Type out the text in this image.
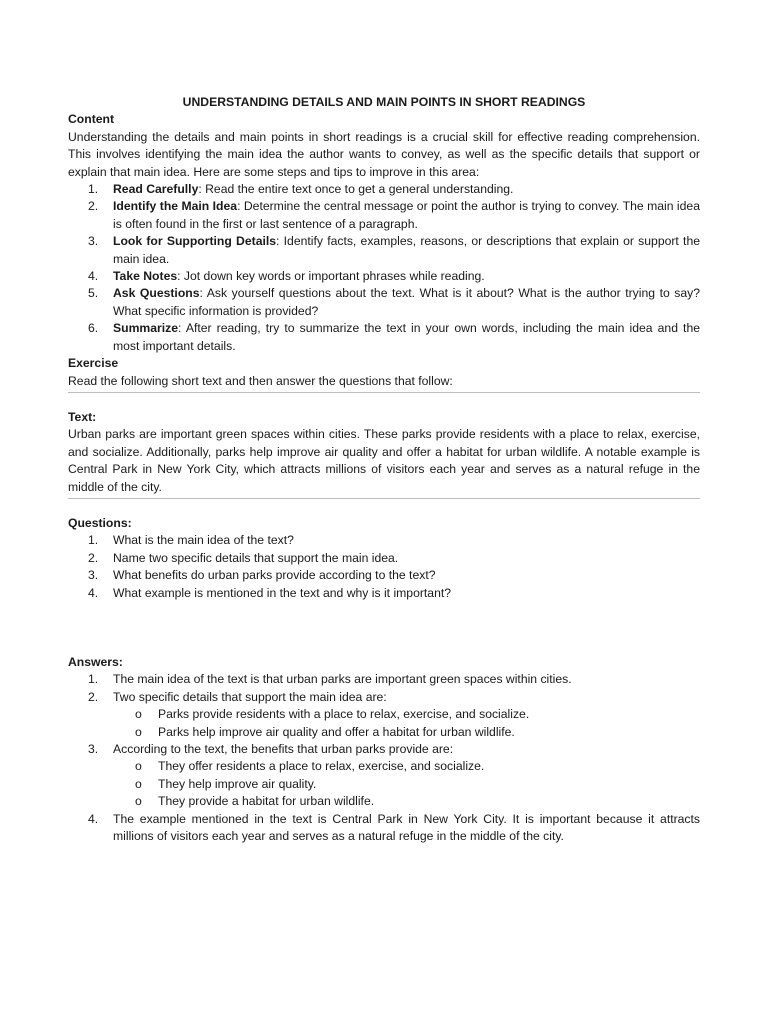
UNDERSTANDING DETAILS AND MAIN POINTS IN SHORT READINGS

Content

Understanding the details and main points in short readings is a crucial skill for effective reading comprehension. This involves identifying the main idea the author wants to convey, as well as the specific details that support or explain that main idea. Here are some steps and tips to improve in this area:

1. Read Carefully: Read the entire text once to get a general understanding.
2. Identify the Main Idea: Determine the central message or point the author is trying to convey. The main idea is often found in the first or last sentence of a paragraph.
3. Look for Supporting Details: Identify facts, examples, reasons, or descriptions that explain or support the main idea.
4. Take Notes: Jot down key words or important phrases while reading.
5. Ask Questions: Ask yourself questions about the text. What is it about? What is the author trying to say? What specific information is provided?
6. Summarize: After reading, try to summarize the text in your own words, including the main idea and the most important details.

Exercise

Read the following short text and then answer the questions that follow:

Text:

Urban parks are important green spaces within cities. These parks provide residents with a place to relax, exercise, and socialize. Additionally, parks help improve air quality and offer a habitat for urban wildlife. A notable example is Central Park in New York City, which attracts millions of visitors each year and serves as a natural refuge in the middle of the city.

Questions:

1. What is the main idea of the text?
2. Name two specific details that support the main idea.
3. What benefits do urban parks provide according to the text?
4. What example is mentioned in the text and why is it important?

Answers:

1. The main idea of the text is that urban parks are important green spaces within cities.
2. Two specific details that support the main idea are:
o Parks provide residents with a place to relax, exercise, and socialize.
o Parks help improve air quality and offer a habitat for urban wildlife.
3. According to the text, the benefits that urban parks provide are:
o They offer residents a place to relax, exercise, and socialize.
o They help improve air quality.
o They provide a habitat for urban wildlife.
4. The example mentioned in the text is Central Park in New York City. It is important because it attracts millions of visitors each year and serves as a natural refuge in the middle of the city.
